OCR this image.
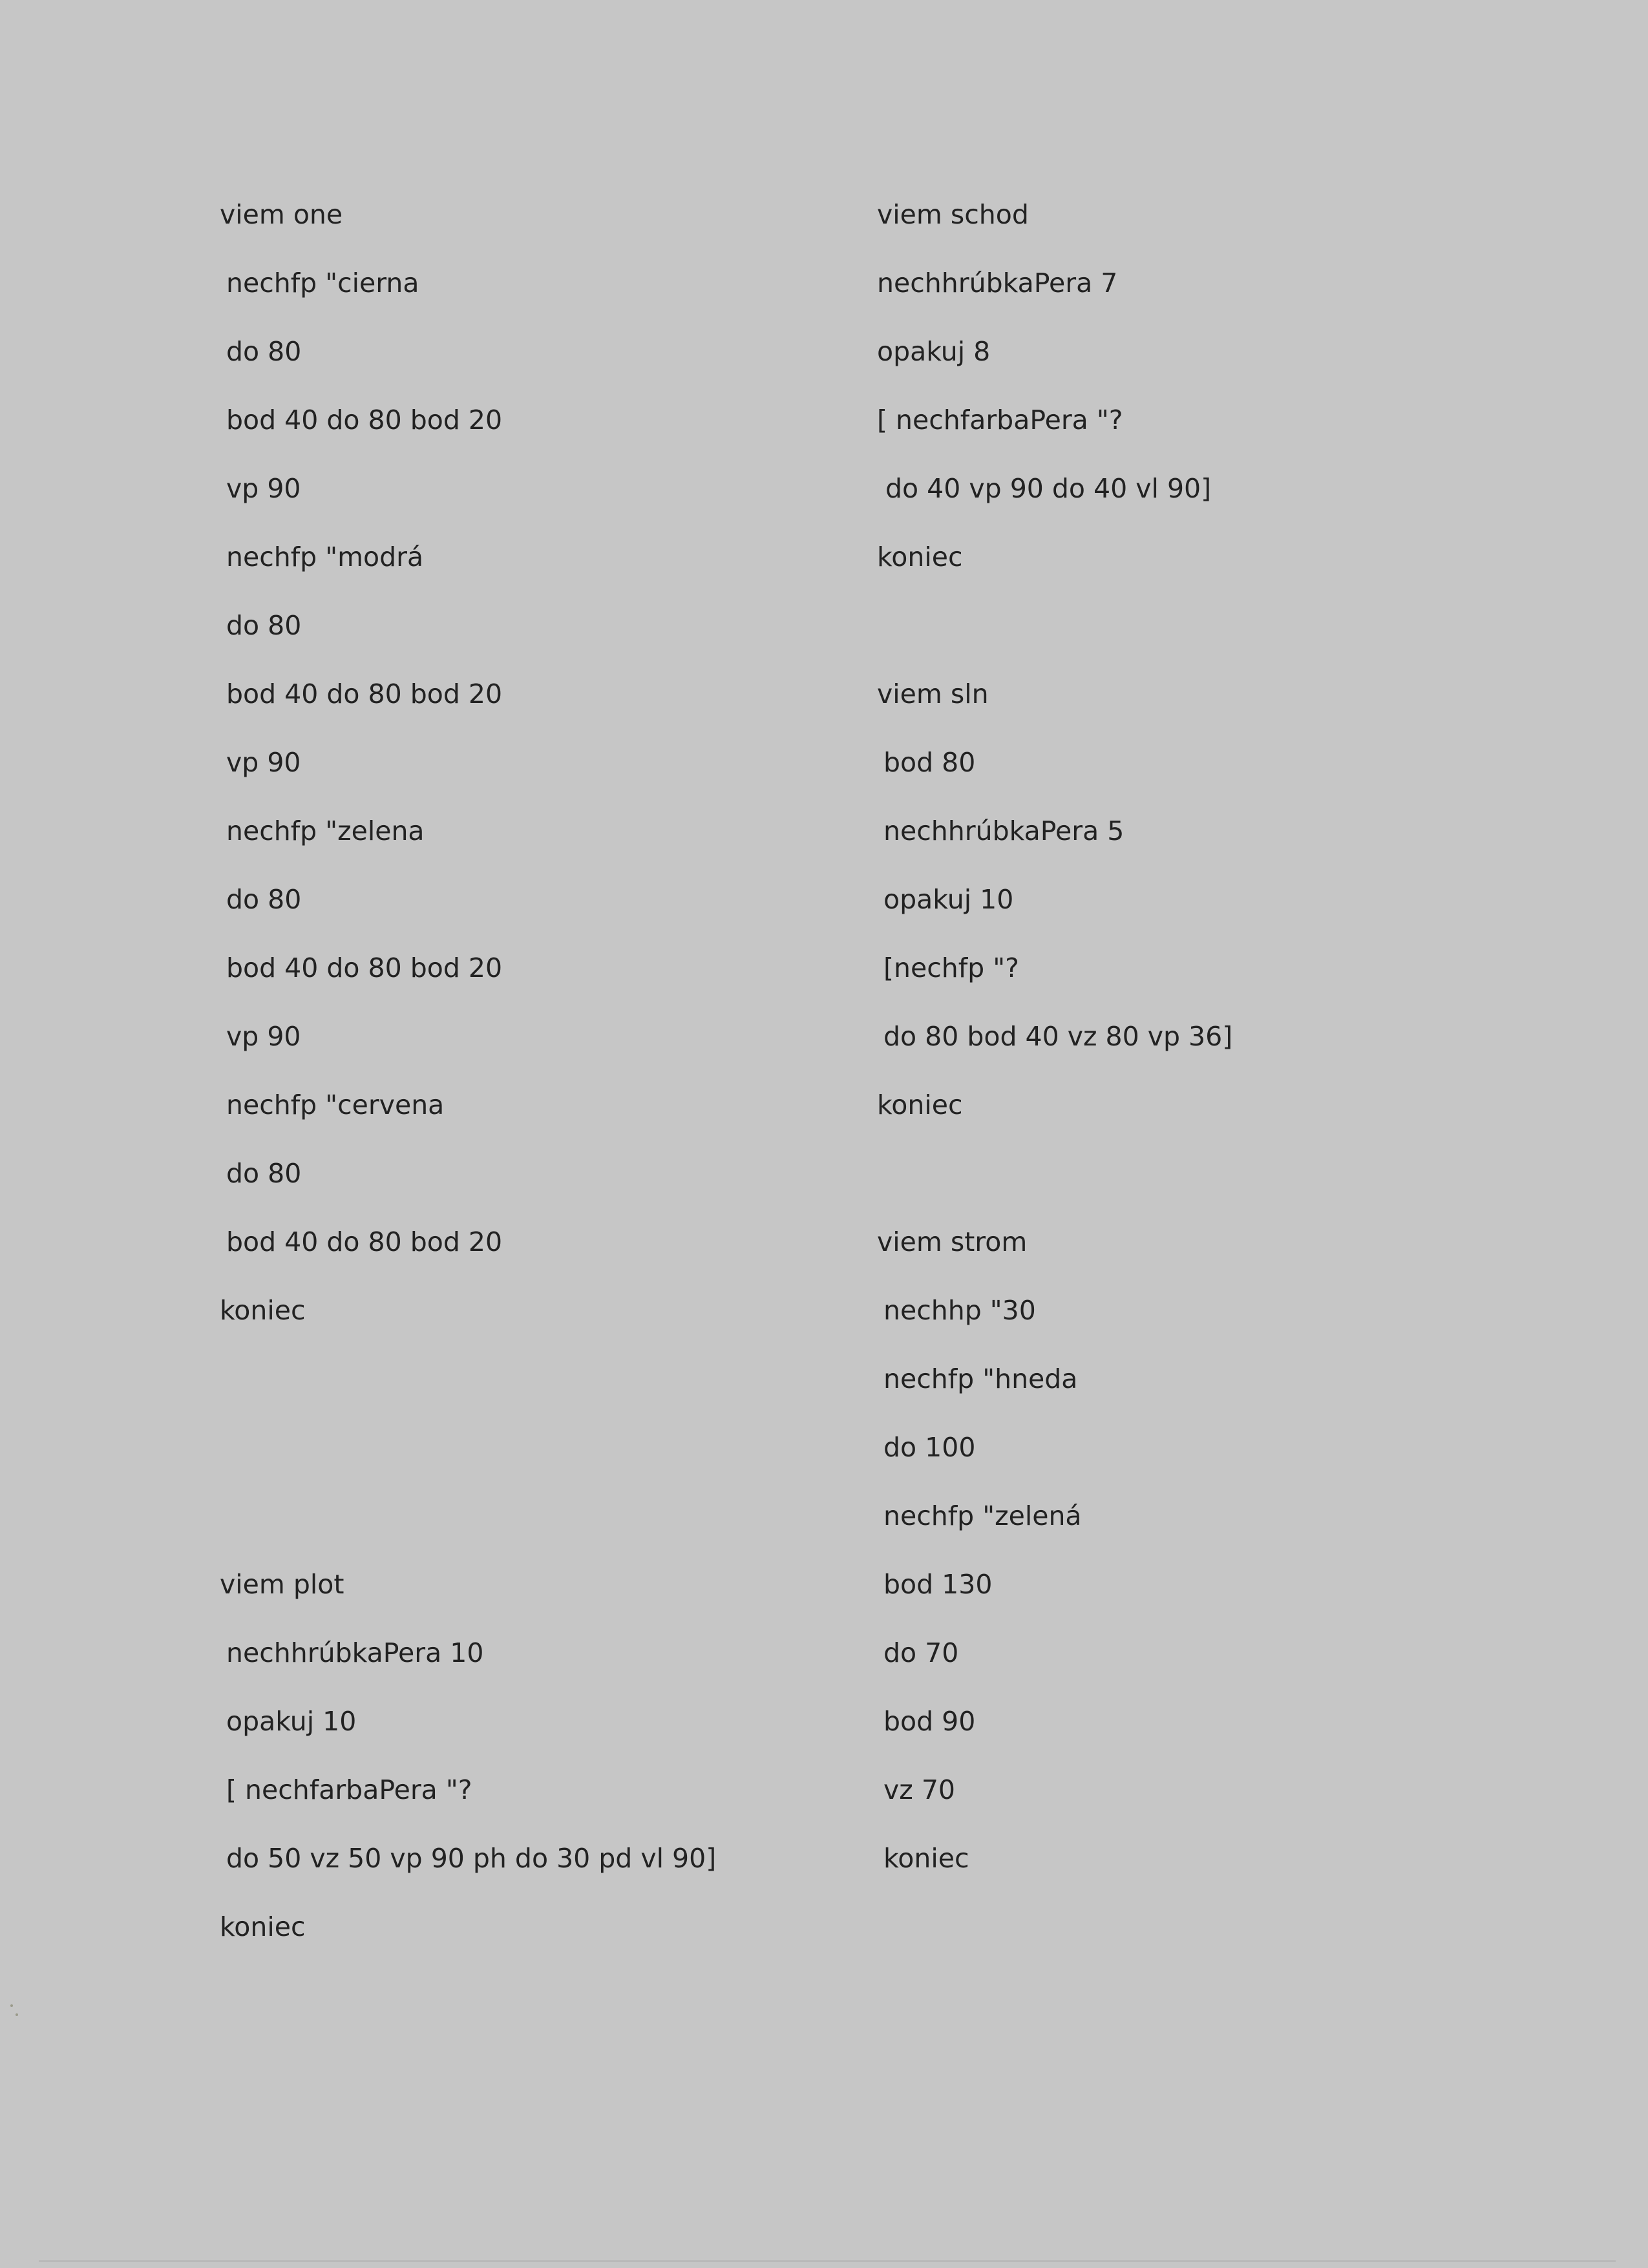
viem one
nechfp "cierna
do 80
bod 40 do 80 bod 20
vp 90
nechfp "modrá
do 80
bod 40 do 80 bod 20
vp 90
nechfp "zelena
do 80
bod 40 do 80 bod 20
vp 90
nechfp "cervena
do 80
bod 40 do 80 bod 20
koniec
viem plot
nechhrúbkaPera 10
opakuj 10
[ nechfarbaPera "?
do 50 vz 50 vp 90 ph do 30 pd vl 90]
koniec
viem schod
nechhrúbkaPera 7
opakuj 8
[ nechfarbaPera "?
do 40 vp 90 do 40 vl 90]
koniec
viem sln
bod 80
nechhrúbkaPera 5
opakuj 10
[nechfp "?
do 80 bod 40 vz 80 vp 36]
koniec
viem strom
nechhp "30
nechfp "hneda
do 100
nechfp "zelená
bod 130
do 70
bod 90
vz 70
koniec
